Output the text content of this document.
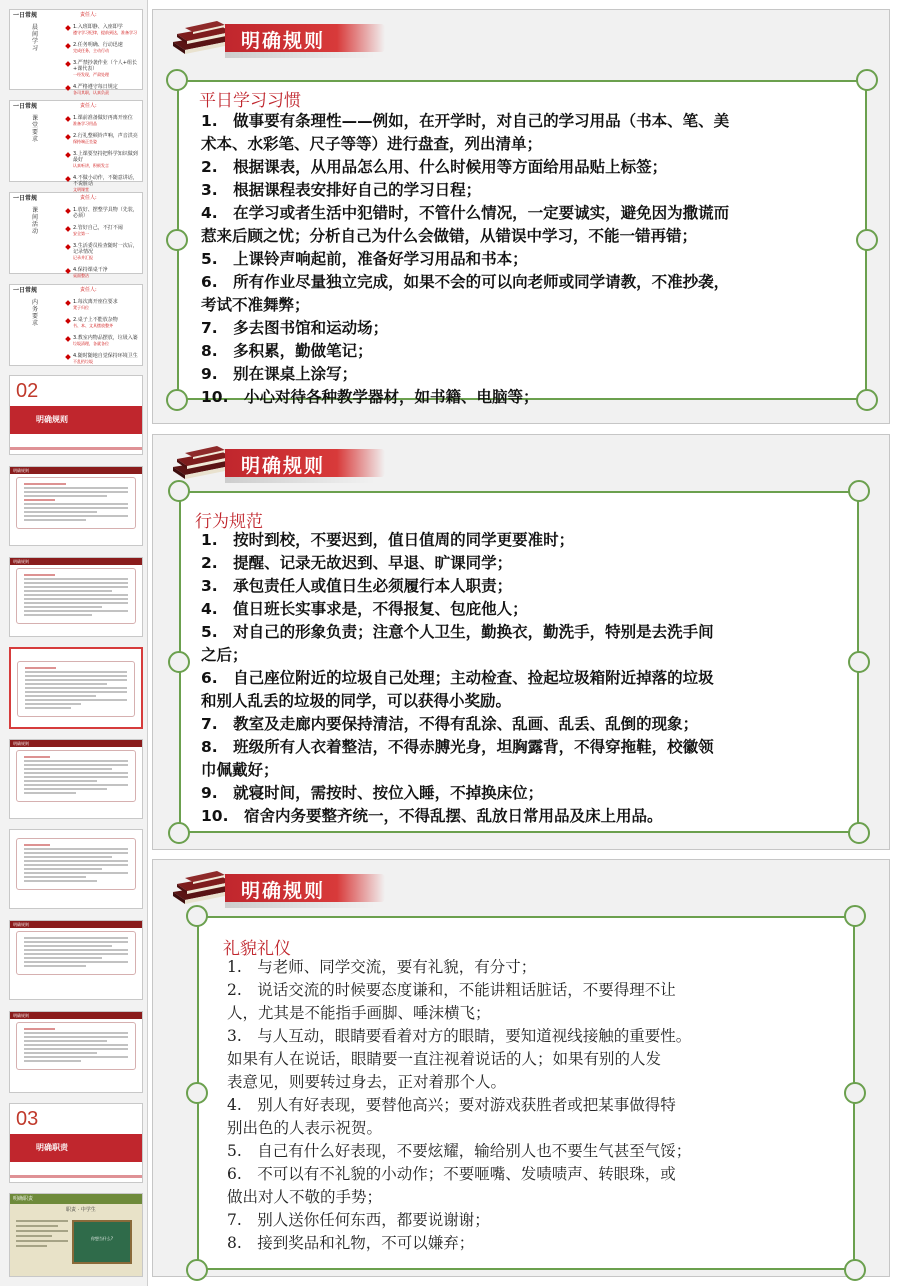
一日常规	责任人:
晨间学习
1.入班即静、入座即学
遵守学习纪律，提前到达，准备学习
2.任务明确、行动迅速
完成任务，主动行动
3.严禁抄袭作业（个人+组长+课代表）
一经发现，严肃处理
4.严格遵守每日规定
各司其职，认真负责
一日常规	责任人:
课堂要求
1.课前准备做好再离开座位
准备学习用品
2.行礼整顿铃声响，声音洪亮
保持端正坐姿
3.上课要坚持把科学知识做到最好
认真听讲，积极发言
4.不做小动作，不随意讲话，不说脏话
文明课堂
一日常规	责任人:
课间活动
1.放好、摆整学具物（先装，必须）
2.管好自己，不打不闹
安全第一
3.生活委员检查随时一次后，记录情况
记录并汇报
4.保持课桌干净
桌面整洁
一日常规	责任人:
内务要求
1.每次离开座位要求
凳子归位
2.桌子上不能放杂物
书、本、文具摆放整齐
3.教室内物品摆放，垃圾入篓
垃圾清理，各就各位
4.随时随地自觉保持环境卫生
不乱扔垃圾
02
明确规则
明确规则
明确规则
明确规则
明确规则
明确规则
03
明确职责
明确职责
职责 · 中学生
你想当什么?
明确规则
平日学习习惯
1.　做事要有条理性——例如，在开学时，对自己的学习用品（书本、笔、美
术本、水彩笔、尺子等等）进行盘查，列出清单；
2.　根据课表，从用品怎么用、什么时候用等方面给用品贴上标签；
3.　根据课程表安排好自己的学习日程；
4.　在学习或者生活中犯错时，不管什么情况，一定要诚实，避免因为撒谎而
惹来后顾之忧；分析自己为什么会做错，从错误中学习，不能一错再错；
5.　上课铃声响起前，准备好学习用品和书本；
6.　所有作业尽量独立完成，如果不会的可以向老师或同学请教，不准抄袭，
考试不准舞弊；
7.　多去图书馆和运动场；
8.　多积累，勤做笔记；
9.　别在课桌上涂写；
10.　小心对待各种教学器材，如书籍、电脑等；
明确规则
行为规范
1.　按时到校，不要迟到，值日值周的同学更要准时；
2.　提醒、记录无故迟到、早退、旷课同学；
3.　承包责任人或值日生必须履行本人职责；
4.　值日班长实事求是，不得报复、包庇他人；
5.　对自己的形象负责；注意个人卫生，勤换衣，勤洗手，特别是去洗手间
之后；
6.　自己座位附近的垃圾自己处理；主动检查、捡起垃圾箱附近掉落的垃圾
和别人乱丢的垃圾的同学，可以获得小奖励。
7.　教室及走廊内要保持清洁，不得有乱涂、乱画、乱丢、乱倒的现象；
8.　班级所有人衣着整洁，不得赤膊光身，坦胸露背，不得穿拖鞋，校徽领
巾佩戴好；
9.　就寝时间，需按时、按位入睡，不掉换床位；
10.　宿舍内务要整齐统一，不得乱摆、乱放日常用品及床上用品。
明确规则
礼貌礼仪
1.　与老师、同学交流，要有礼貌，有分寸；
2.　说话交流的时候要态度谦和，不能讲粗话脏话，不要得理不让
人，尤其是不能指手画脚、唾沫横飞；
3.　与人互动，眼睛要看着对方的眼睛，要知道视线接触的重要性。
如果有人在说话，眼睛要一直注视着说话的人；如果有别的人发
表意见，则要转过身去，正对着那个人。
4.　别人有好表现，要替他高兴；要对游戏获胜者或把某事做得特
别出色的人表示祝贺。
5.　自己有什么好表现，不要炫耀，输给别人也不要生气甚至气馁；
6.　不可以有不礼貌的小动作；不要咂嘴、发啧啧声、转眼珠，或
做出对人不敬的手势；
7.　别人送你任何东西，都要说谢谢；
8.　接到奖品和礼物，不可以嫌弃；
